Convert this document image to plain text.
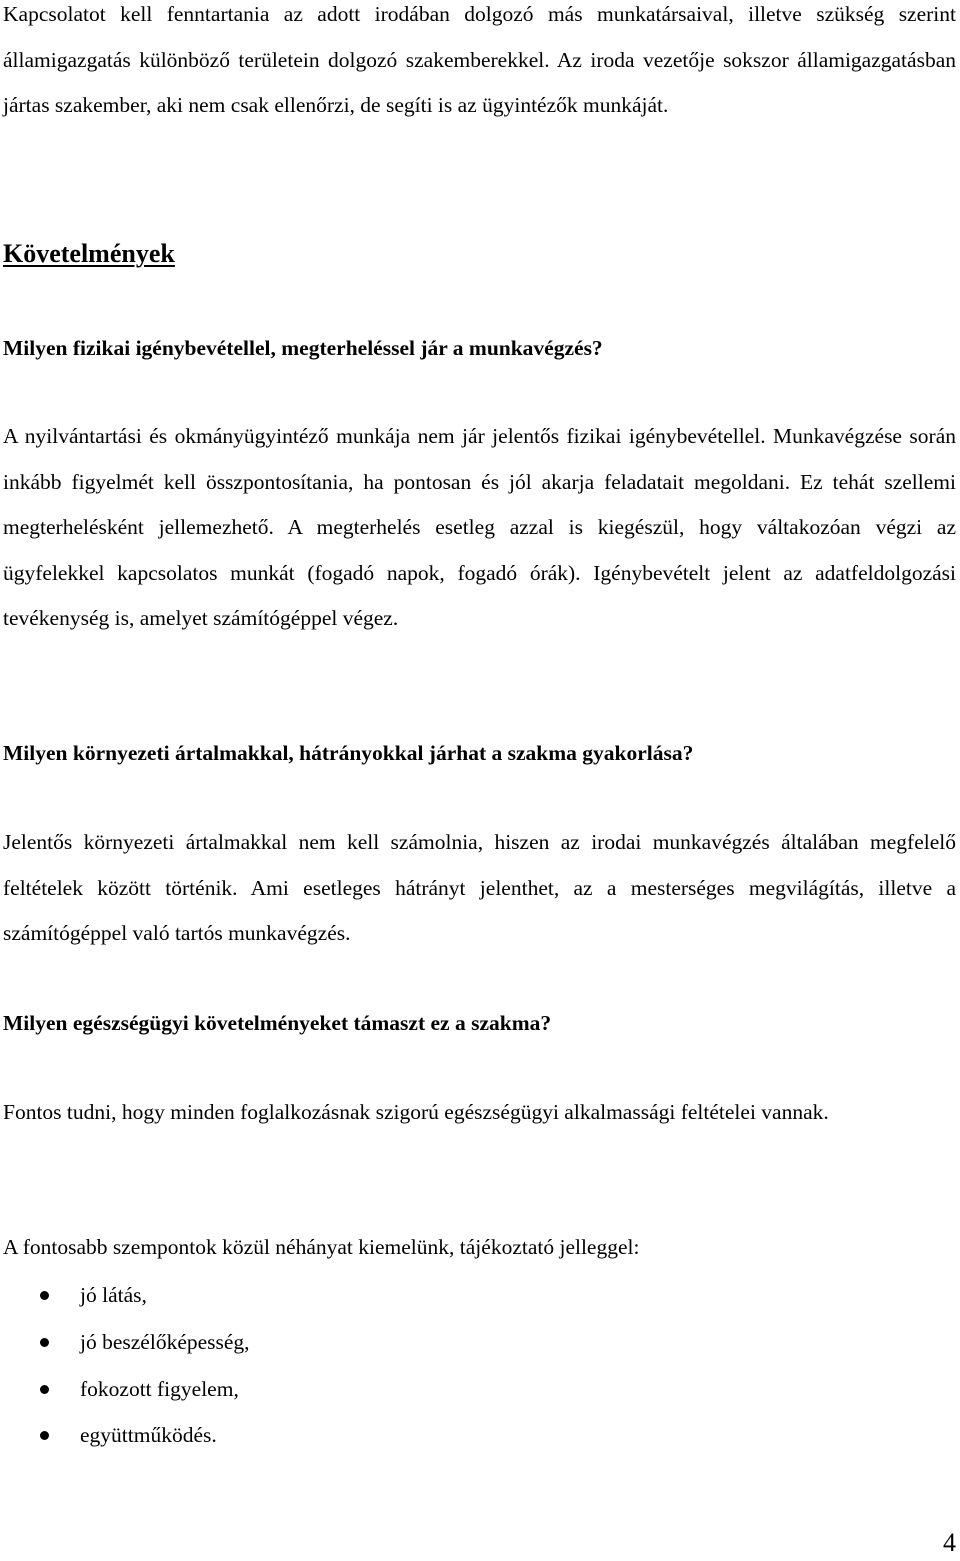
Kapcsolatot kell fenntartania az adott irodában dolgozó más munkatársaival, illetve szükség szerint államigazgatás különböző területein dolgozó szakemberekkel. Az iroda vezetője sokszor államigazgatásban jártas szakember, aki nem csak ellenőrzi, de segíti is az ügyintézők munkáját.

Követelmények

Milyen fizikai igénybevétellel, megterheléssel jár a munkavégzés?

A nyilvántartási és okmányügyintéző munkája nem jár jelentős fizikai igénybevétellel. Munkavégzése során inkább figyelmét kell összpontosítania, ha pontosan és jól akarja feladatait megoldani. Ez tehát szellemi megterhelésként jellemezhető. A megterhelés esetleg azzal is kiegészül, hogy váltakozóan végzi az ügyfelekkel kapcsolatos munkát (fogadó napok, fogadó órák). Igénybevételt jelent az adatfeldolgozási tevékenység is, amelyet számítógéppel végez.

Milyen környezeti ártalmakkal, hátrányokkal járhat a szakma gyakorlása?

Jelentős környezeti ártalmakkal nem kell számolnia, hiszen az irodai munkavégzés általában megfelelő feltételek között történik. Ami esetleges hátrányt jelenthet, az a mesterséges megvilágítás, illetve a számítógéppel való tartós munkavégzés.

Milyen egészségügyi követelményeket támaszt ez a szakma?

Fontos tudni, hogy minden foglalkozásnak szigorú egészségügyi alkalmassági feltételei vannak.

A fontosabb szempontok közül néhányat kiemelünk, tájékoztató jelleggel:

jó látás,
jó beszélőképesség,
fokozott figyelem,
együttműködés.
4
